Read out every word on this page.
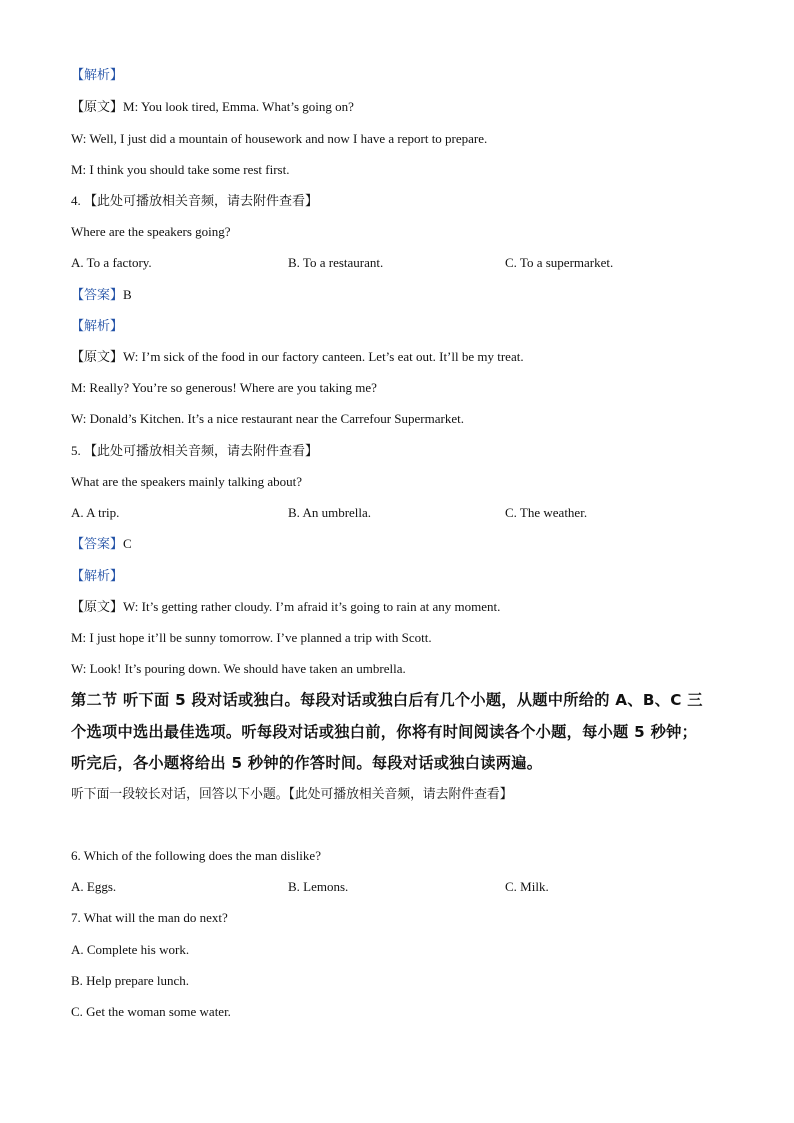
【解析】
【原文】M: You look tired, Emma. What’s going on?
W: Well, I just did a mountain of housework and now I have a report to prepare.
M: I think you should take some rest first.
4. 【此处可播放相关音频，请去附件查看】
Where are the speakers going?
A. To a factory.	B. To a restaurant.	C. To a supermarket.
【答案】B
【解析】
【原文】W: I’m sick of the food in our factory canteen. Let’s eat out. It’ll be my treat.
M: Really? You’re so generous! Where are you taking me?
W: Donald’s Kitchen. It’s a nice restaurant near the Carrefour Supermarket.
5. 【此处可播放相关音频，请去附件查看】
What are the speakers mainly talking about?
A. A trip.	B. An umbrella.	C. The weather.
【答案】C
【解析】
【原文】W: It’s getting rather cloudy. I’m afraid it’s going to rain at any moment.
M: I just hope it’ll be sunny tomorrow. I’ve planned a trip with Scott.
W: Look! It’s pouring down. We should have taken an umbrella.
第二节 听下面 5 段对话或独白。每段对话或独白后有几个小题，从题中所给的 A、B、C 三
个选项中选出最佳选项。听每段对话或独白前，你将有时间阅读各个小题，每小题 5 秒钟；
听完后，各小题将给出 5 秒钟的作答时间。每段对话或独白读两遍。
听下面一段较长对话，回答以下小题。【此处可播放相关音频，请去附件查看】
6. Which of the following does the man dislike?
A. Eggs.	B. Lemons.	C. Milk.
7. What will the man do next?
A. Complete his work.
B. Help prepare lunch.
C. Get the woman some water.
